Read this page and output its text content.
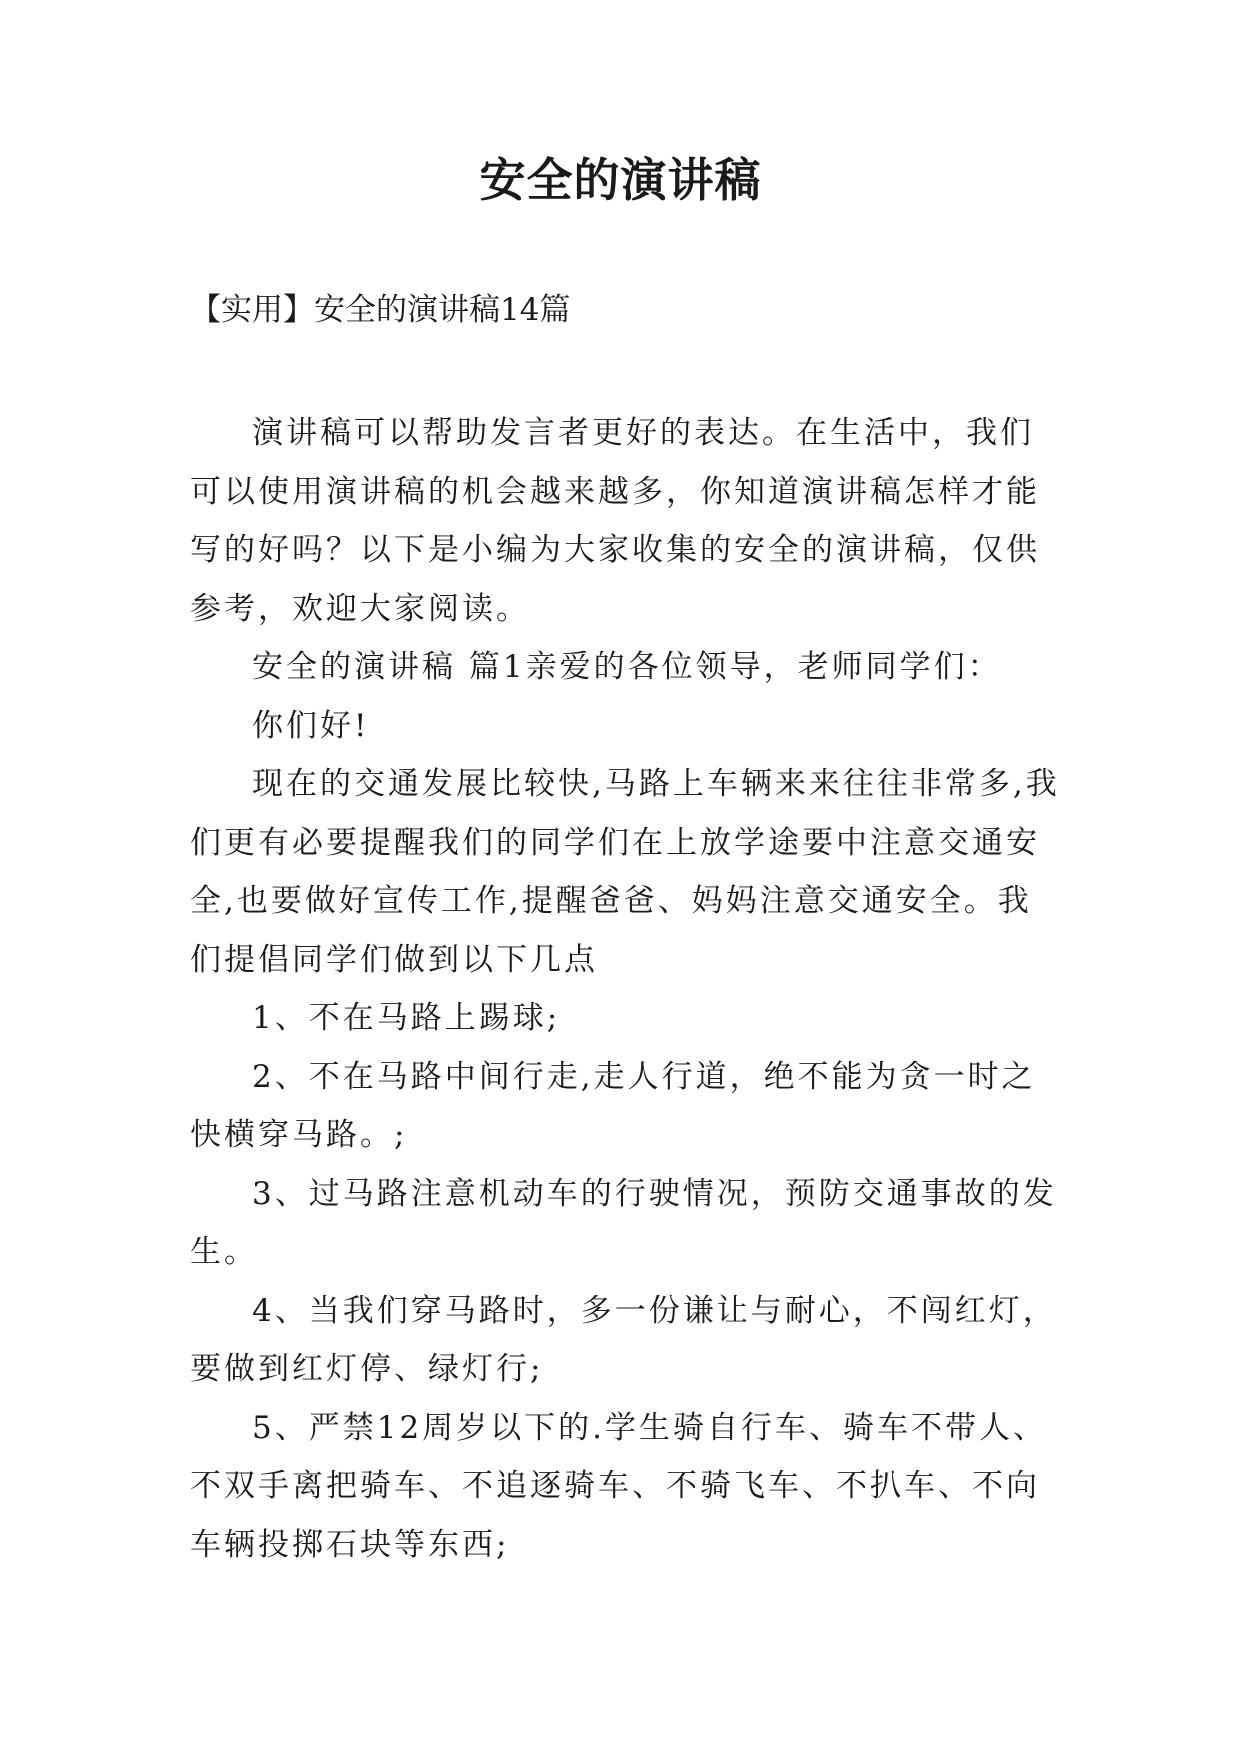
安全的演讲稿
【实用】安全的演讲稿14篇

演讲稿可以帮助发言者更好的表达。在生活中，我们可以使用演讲稿的机会越来越多，你知道演讲稿怎样才能写的好吗？以下是小编为大家收集的安全的演讲稿，仅供参考，欢迎大家阅读。

安全的演讲稿 篇1亲爱的各位领导，老师同学们：

你们好!

现在的交通发展比较快,马路上车辆来来往往非常多,我们更有必要提醒我们的同学们在上放学途要中注意交通安全,也要做好宣传工作,提醒爸爸、妈妈注意交通安全。我们提倡同学们做到以下几点

1、不在马路上踢球;

2、不在马路中间行走,走人行道，绝不能为贪一时之快横穿马路。;

3、过马路注意机动车的行驶情况，预防交通事故的发生。

4、当我们穿马路时，多一份谦让与耐心，不闯红灯，要做到红灯停、绿灯行;

5、严禁12周岁以下的.学生骑自行车、骑车不带人、不双手离把骑车、不追逐骑车、不骑飞车、不扒车、不向车辆投掷石块等东西;
